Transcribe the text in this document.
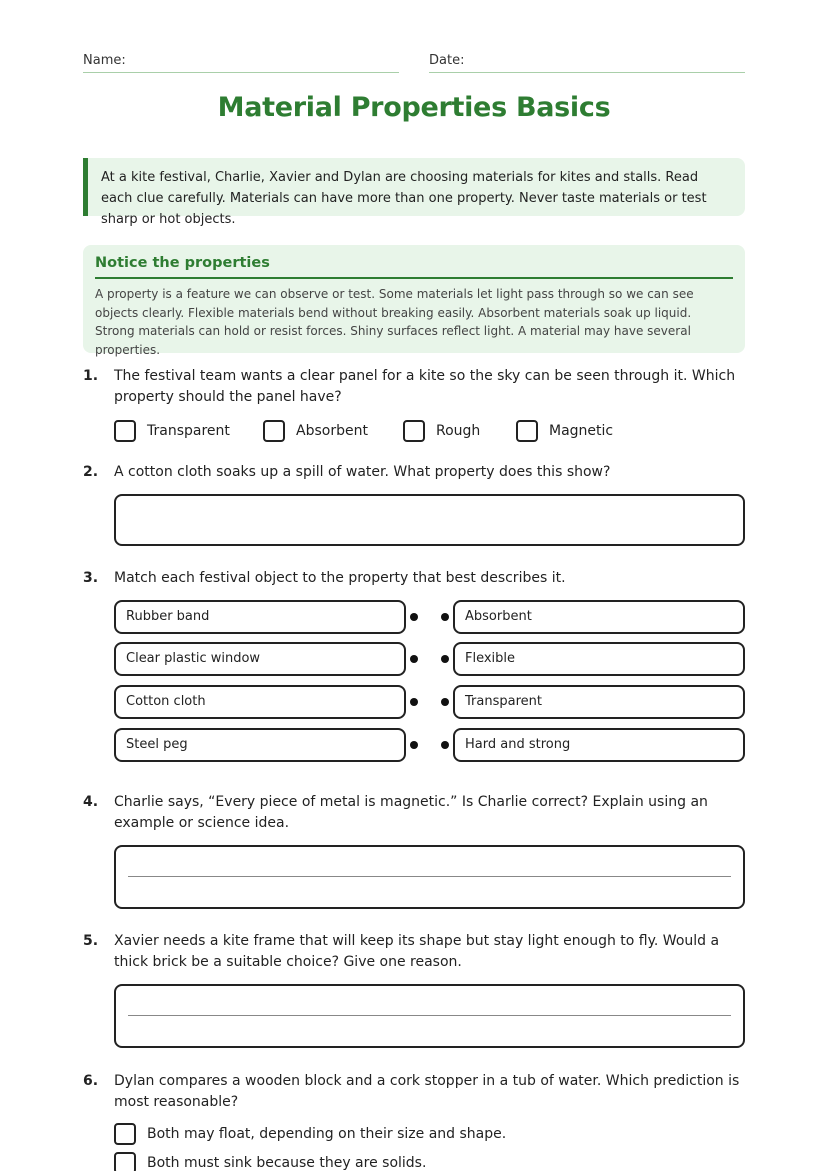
Name:	Date:
Material Properties Basics
At a kite festival, Charlie, Xavier and Dylan are choosing materials for kites and stalls. Read each clue carefully. Materials can have more than one property. Never taste materials or test sharp or hot objects.
Notice the properties
A property is a feature we can observe or test. Some materials let light pass through so we can see objects clearly. Flexible materials bend without breaking easily. Absorbent materials soak up liquid. Strong materials can hold or resist forces. Shiny surfaces reflect light. A material may have several properties.
1.	The festival team wants a clear panel for a kite so the sky can be seen through it. Which property should the panel have?
Transparent	Absorbent	Rough	Magnetic
2.	A cotton cloth soaks up a spill of water. What property does this show?
3.	Match each festival object to the property that best describes it.
Rubber band
Clear plastic window
Cotton cloth
Steel peg
Absorbent
Flexible
Transparent
Hard and strong
4.	Charlie says, “Every piece of metal is magnetic.” Is Charlie correct? Explain using an example or science idea.
5.	Xavier needs a kite frame that will keep its shape but stay light enough to fly. Would a thick brick be a suitable choice? Give one reason.
6.	Dylan compares a wooden block and a cork stopper in a tub of water. Which prediction is most reasonable?
Both may float, depending on their size and shape.
Both must sink because they are solids.
